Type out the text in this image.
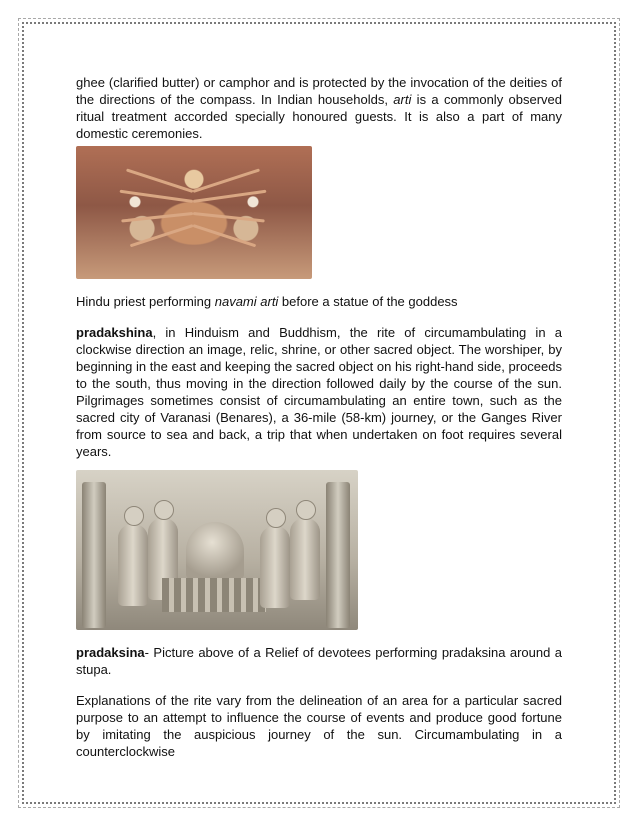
ghee (clarified butter) or camphor and is protected by the invocation of the deities of the directions of the compass. In Indian households, arti is a commonly observed ritual treatment accorded specially honoured guests. It is also a part of many domestic ceremonies.

Hindu priest performing navami arti before a statue of the goddess

pradakshina, in Hinduism and Buddhism, the rite of circumambulating in a clockwise direction an image, relic, shrine, or other sacred object. The worshiper, by beginning in the east and keeping the sacred object on his right-hand side, proceeds to the south, thus moving in the direction followed daily by the course of the sun. Pilgrimages sometimes consist of circumambulating an entire town, such as the sacred city of Varanasi (Benares), a 36-mile (58-km) journey, or the Ganges River from source to sea and back, a trip that when undertaken on foot requires several years.

pradaksina- Picture above of a Relief of devotees performing pradaksina around a stupa.

Explanations of the rite vary from the delineation of an area for a particular sacred purpose to an attempt to influence the course of events and produce good fortune by imitating the auspicious journey of the sun. Circumambulating in a counterclockwise
